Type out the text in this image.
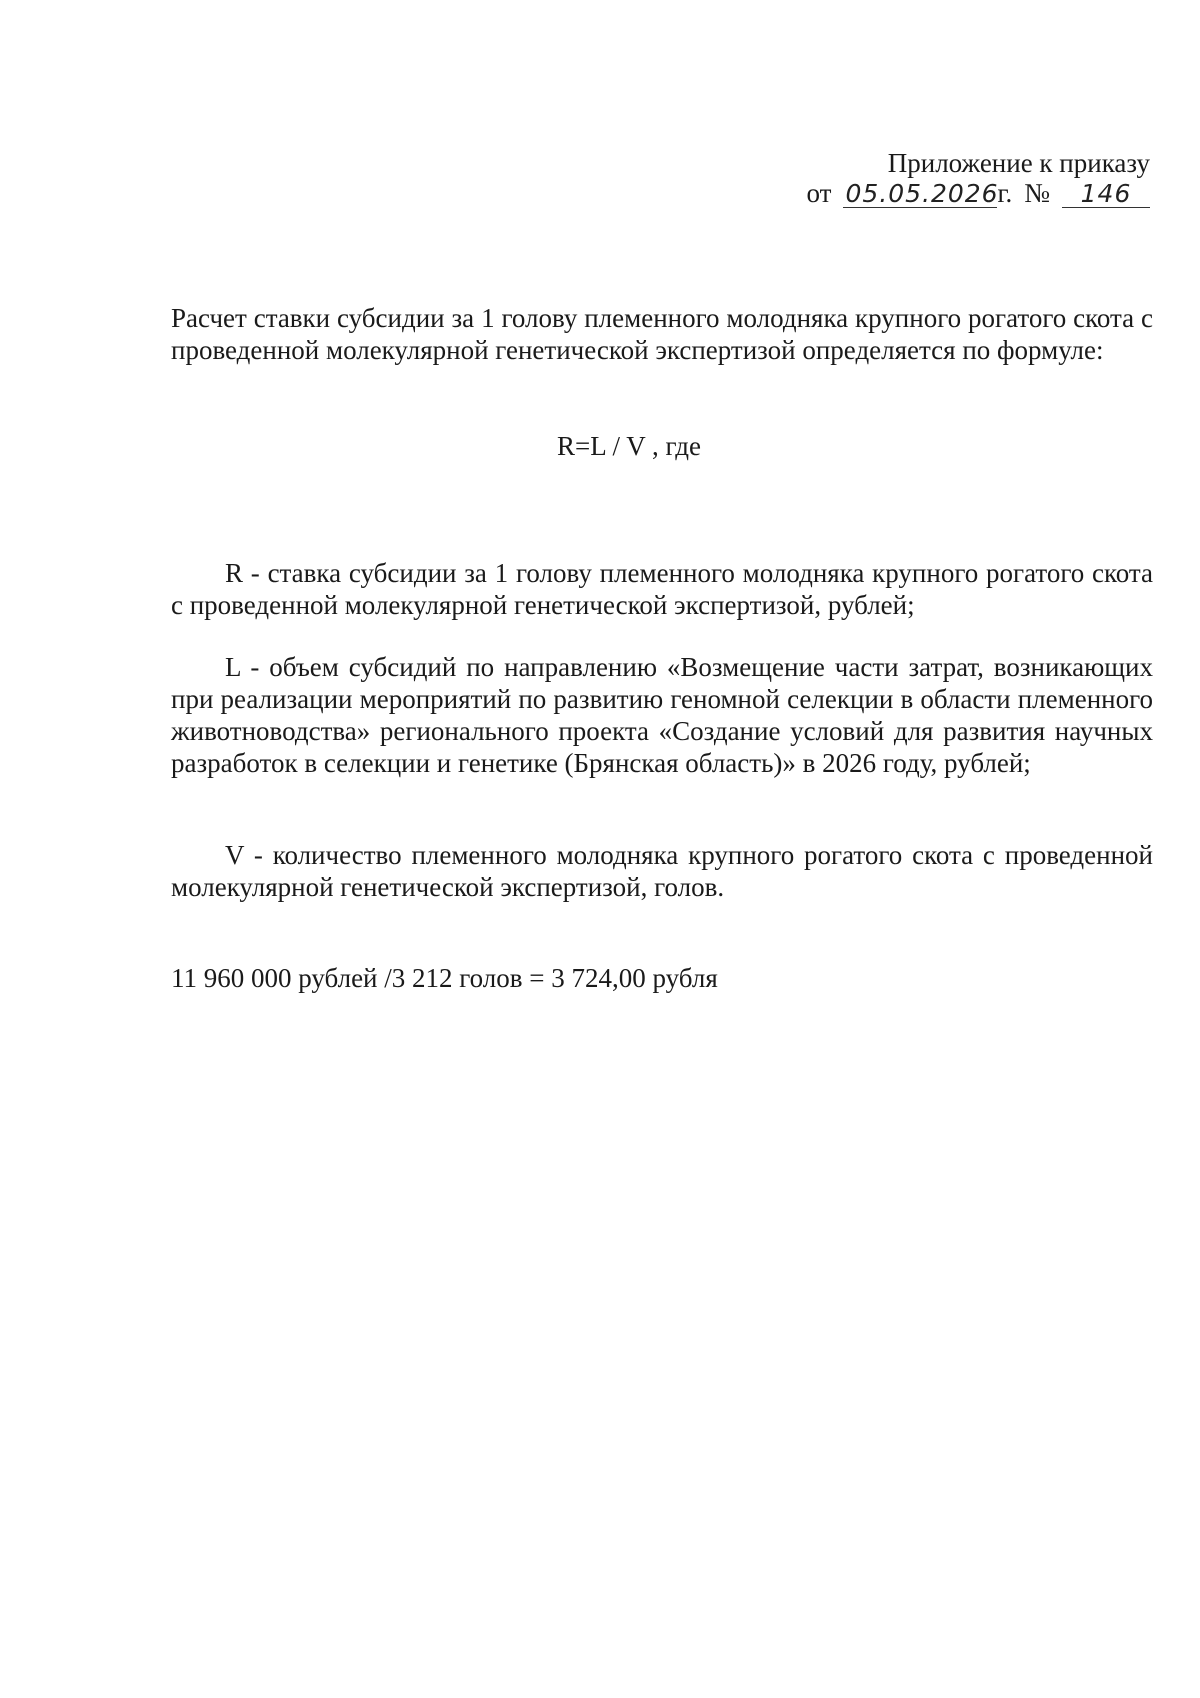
Приложение к приказу
от 05.05.2026
г. №	146
Расчет ставки субсидии за 1 голову племенного молодняка крупного рогатого скота с проведенной молекулярной генетической экспертизой определяется по формуле:
R=L / V , где
R - ставка субсидии за 1 голову племенного молодняка крупного рогатого скота с проведенной молекулярной генетической экспертизой, рублей;
L - объем субсидий по направлению «Возмещение части затрат, возникающих при реализации мероприятий по развитию геномной селекции в области племенного животноводства» регионального проекта «Создание условий для развития научных разработок в селекции и генетике (Брянская область)» в 2026 году, рублей;
V - количество племенного молодняка крупного рогатого скота с проведенной молекулярной генетической экспертизой, голов.
11 960 000 рублей /3 212 голов = 3 724,00 рубля
